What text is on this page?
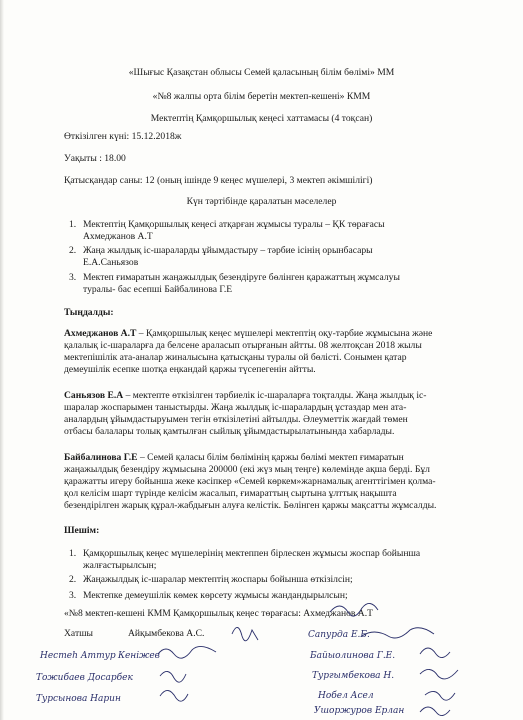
«Шығыс Қазақстан облысы Семей қаласының білім бөлімі» ММ
«№8 жалпы орта білім беретін мектеп-кешені» КММ
Мектептің Қамқоршылық кеңесі хаттамасы (4 тоқсан)
Өткізілген күні: 15.12.2018ж
Уақыты : 18.00
Қатысқандар саны: 12 (оның ішінде 9 кеңес мүшелері, 3 мектеп әкімшілігі)
Күн тәртібінде қаралатын мәселелер
1. Мектептің Қамқоршылық кеңесі атқарған жұмысы туралы – ҚК төрағасы
Ахмеджанов А.Т
2. Жаңа жылдық іс-шараларды ұйымдастыру – тәрбие ісінің орынбасары
Е.А.Саньязов
3. Мектеп ғимаратын жаңажылдық безендіруге бөлінген қаражаттың жұмсалуы
туралы- бас есепші Байбалинова Г.Е
Тыңдалды:
Ахмеджанов А.Т – Қамқоршылық кеңес мүшелері мектептің оқу-тәрбие жұмысына және
қалалық іс-шараларға да белсене араласып отырғанын айтты. 08 желтоқсан 2018 жылы
мектепішілік ата-аналар жиналысына қатысқаны туралы ой бөлісті. Сонымен қатар
демеушілік есепке шотқа еңкандай қаржы түсепегенін айтты.
Саньязов Е.А – мектепте өткізілген тәрбиелік іс-шараларға тоқталды. Жаңа жылдық іс-
шаралар жоспарымен таныстырды. Жаңа жылдық іс-шаралардың ұстаздар мен ата-
аналардың ұйымдастыруымен тегін өткізілетіні айтылды. Әлеуметтік жағдай төмен
отбасы балалары толық қамтылған сыйлық ұйымдастырылатынында хабарлады.
Байбалинова Г.Е – Семей қаласы білім бөлімінің қаржы бөлімі мектеп ғимаратын
жаңажылдық безендіру жұмысына 200000 (екі жүз мың теңге) көлемінде ақша берді. Бұл
қаражатты игеру бойынша жеке кәсіпкер «Семей көркем»жарнамалық агенттігімен қолма-
қол келісім шарт түрінде келісім жасалып, ғимараттың сыртына ұлттық нақышта
безендірілген жарық құрал-жабдығын алуға келістік. Бөлінген қаржы мақсатты жұмсалды.
Шешім:
1. Қамқоршылық кеңес мүшелерінің мектеппен бірлескен жұмысы жоспар бойынша
жалғастырылсын;
2. Жаңажылдық іс-шаралар мектептің жоспары бойынша өткізілсін;
3. Мектепке демеушілік көмек көрсету жұмысы жандандырылсын;
«№8 мектеп-кешені КММ Қамқоршылық кеңес төрағасы: Ахмеджанов А.Т
Хатшы	Айқымбекова А.С.	Сапурда Е.Б.
Нестеһ Аттур Кеніжев	Байыолинова Г.Е.
Тожибаев Досарбек	Тургымбекова Н.
Турсынова Нарин	Нобел Асел
Ушоржуров Ерлан
